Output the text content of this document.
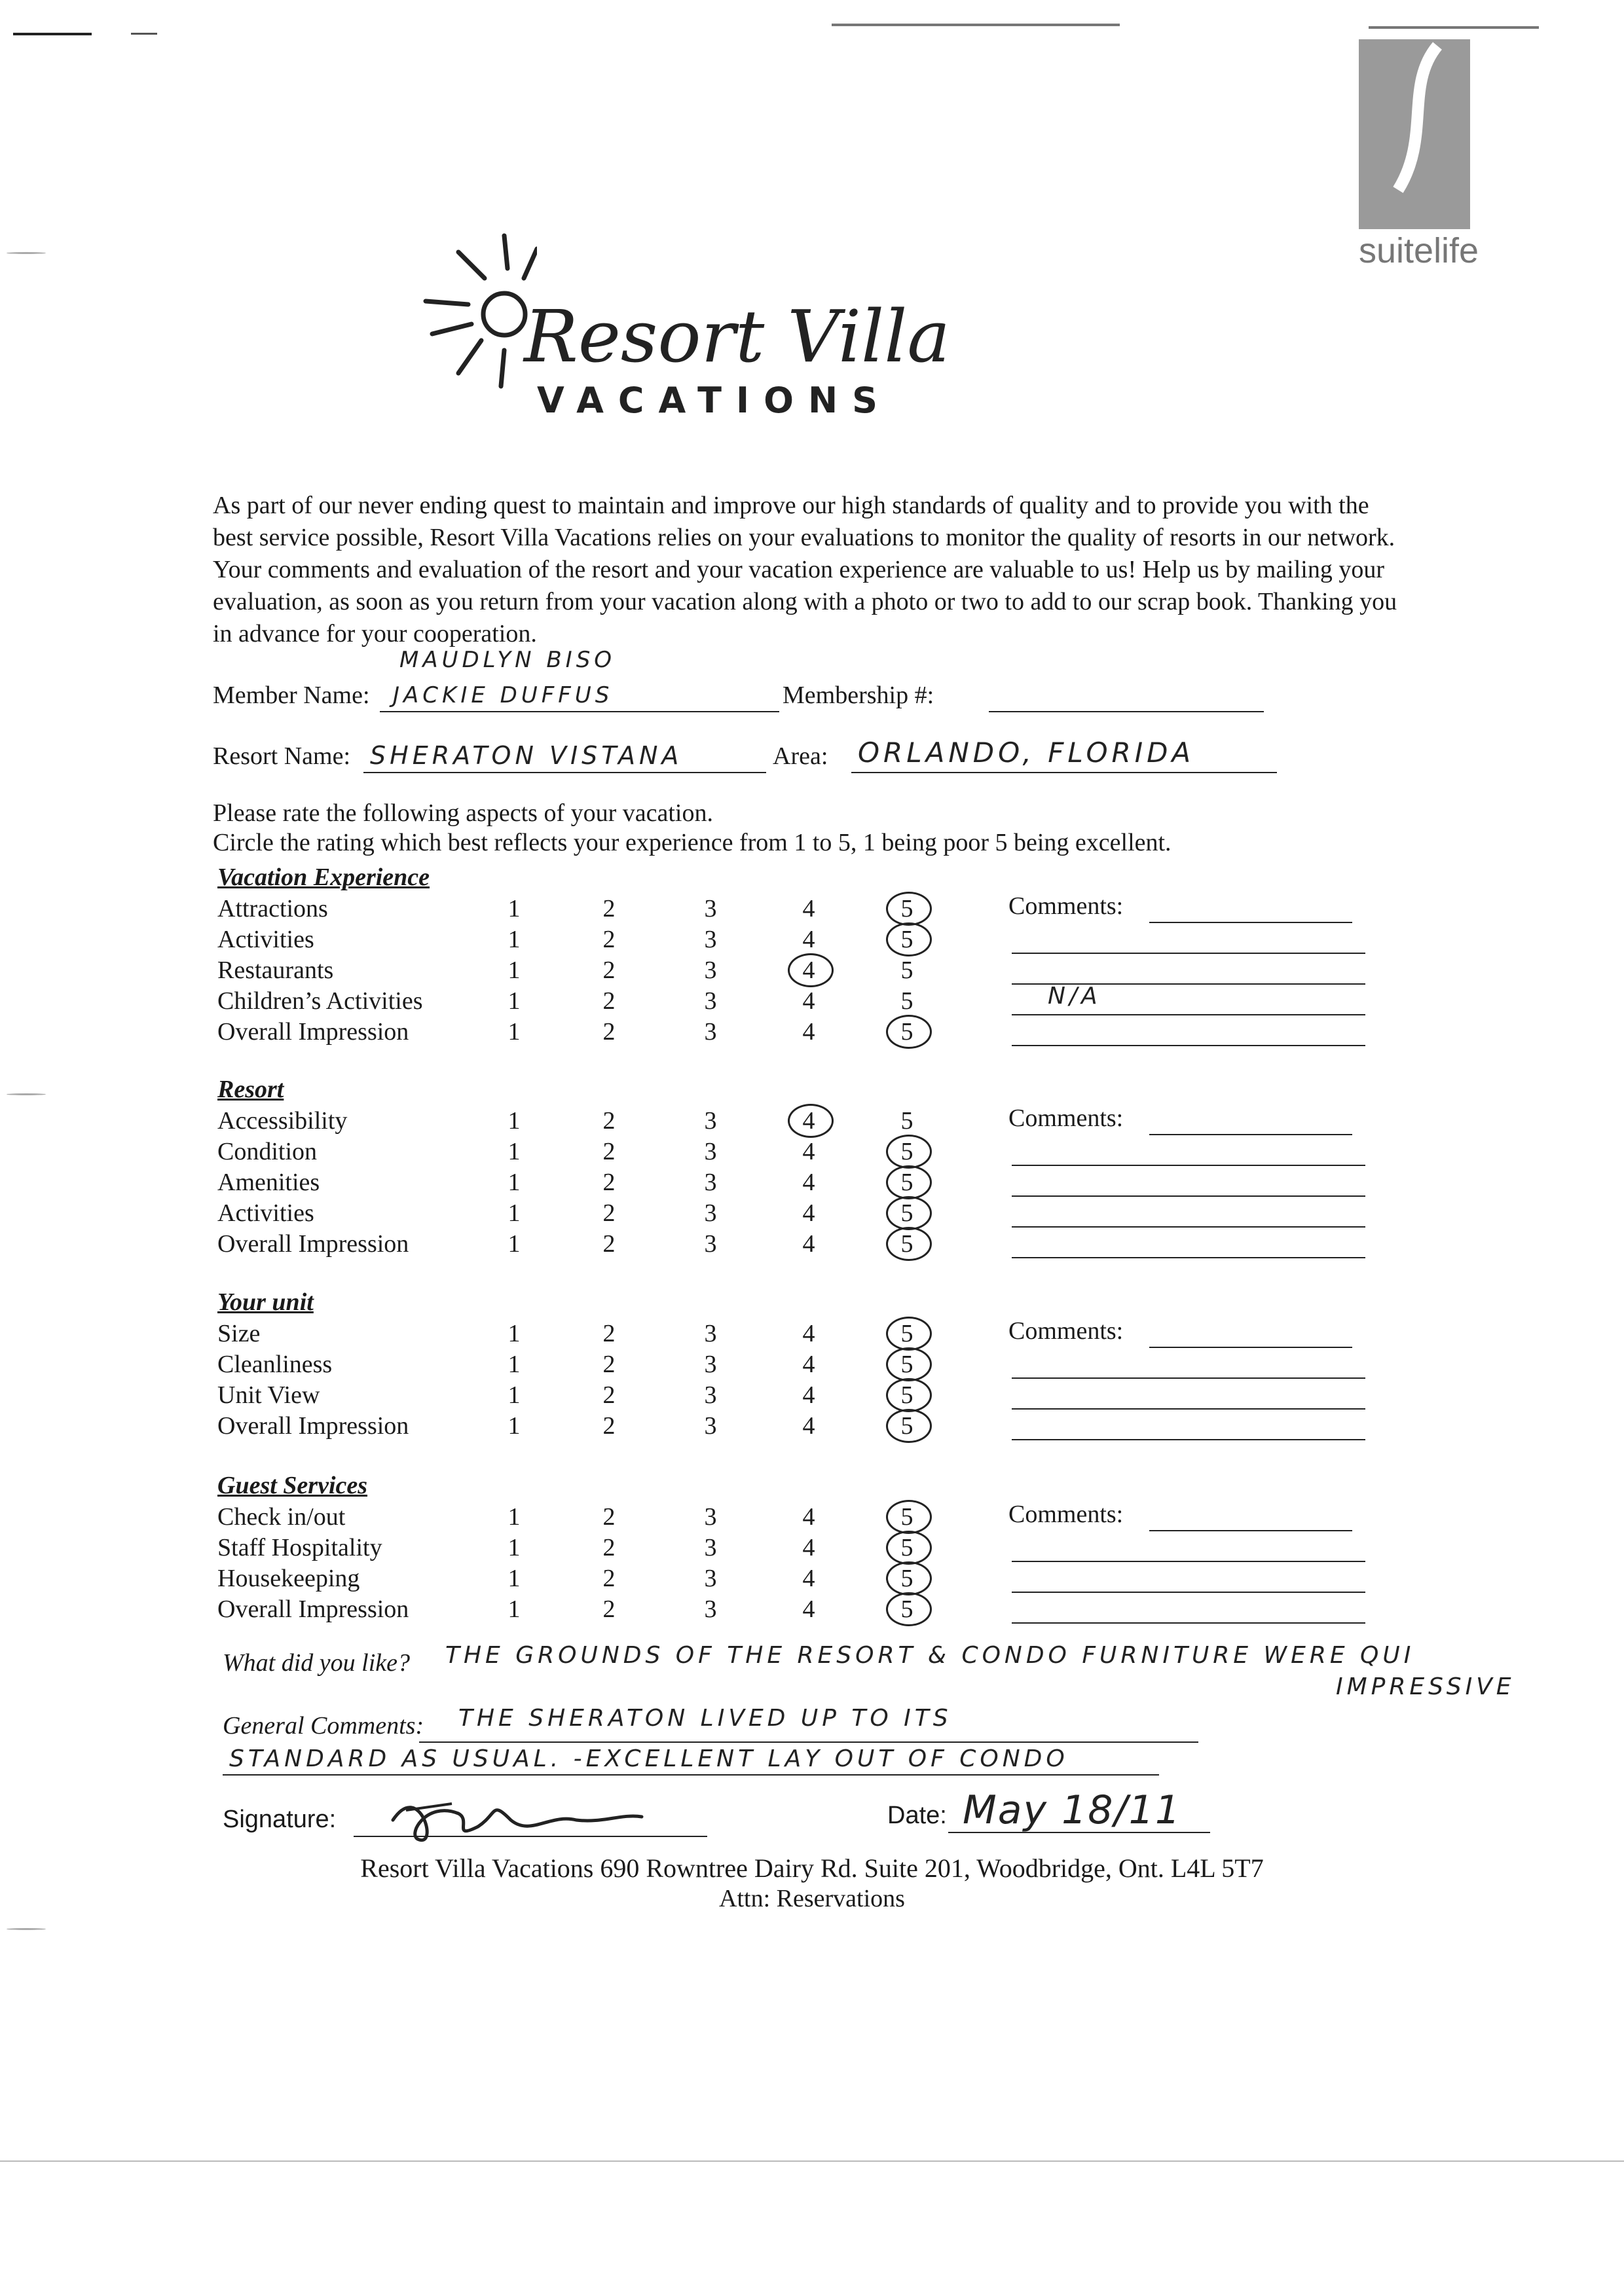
suitelife
Resort Villa
VACATIONS
As part of our never ending quest to maintain and improve our high standards of quality and to provide you with the best service possible, Resort Villa Vacations relies on your evaluations to monitor the quality of resorts in our network. Your comments and evaluation of the resort and your vacation experience are valuable to us! Help us by mailing your evaluation, as soon as you return from your vacation along with a photo or two to add to our scrap book. Thanking you in advance for your cooperation.
MAUDLYN BISO
Member Name: JACKIE DUFFUS	Membership #:
Resort Name: SHERATON VISTANA	Area: ORLANDO, FLORIDA
Please rate the following aspects of your vacation.
Circle the rating which best reflects your experience from 1 to 5, 1 being poor 5 being excellent.
Vacation Experience
Attractions	1	2	3	4	5	Comments:
Activities	1	2	3	4	5
Restaurants	1	2	3	4	5
Children’s Activities	1	2	3	4	5	N/A
Overall Impression	1	2	3	4	5
Resort
Accessibility	1	2	3	4	5	Comments:
Condition	1	2	3	4	5
Amenities	1	2	3	4	5
Activities	1	2	3	4	5
Overall Impression	1	2	3	4	5
Your unit
Size	1	2	3	4	5	Comments:
Cleanliness	1	2	3	4	5
Unit View	1	2	3	4	5
Overall Impression	1	2	3	4	5
Guest Services
Check in/out	1	2	3	4	5	Comments:
Staff Hospitality	1	2	3	4	5
Housekeeping	1	2	3	4	5
Overall Impression	1	2	3	4	5
What did you like? THE GROUNDS OF THE RESORT & CONDO FURNITURE WERE QUI
IMPRESSIVE
General Comments: THE SHERATON LIVED UP TO ITS
STANDARD AS USUAL. -EXCELLENT LAY OUT OF CONDO
Signature:	Date: May 18/11
Resort Villa Vacations 690 Rowntree Dairy Rd. Suite 201, Woodbridge, Ont. L4L 5T7
Attn: Reservations
